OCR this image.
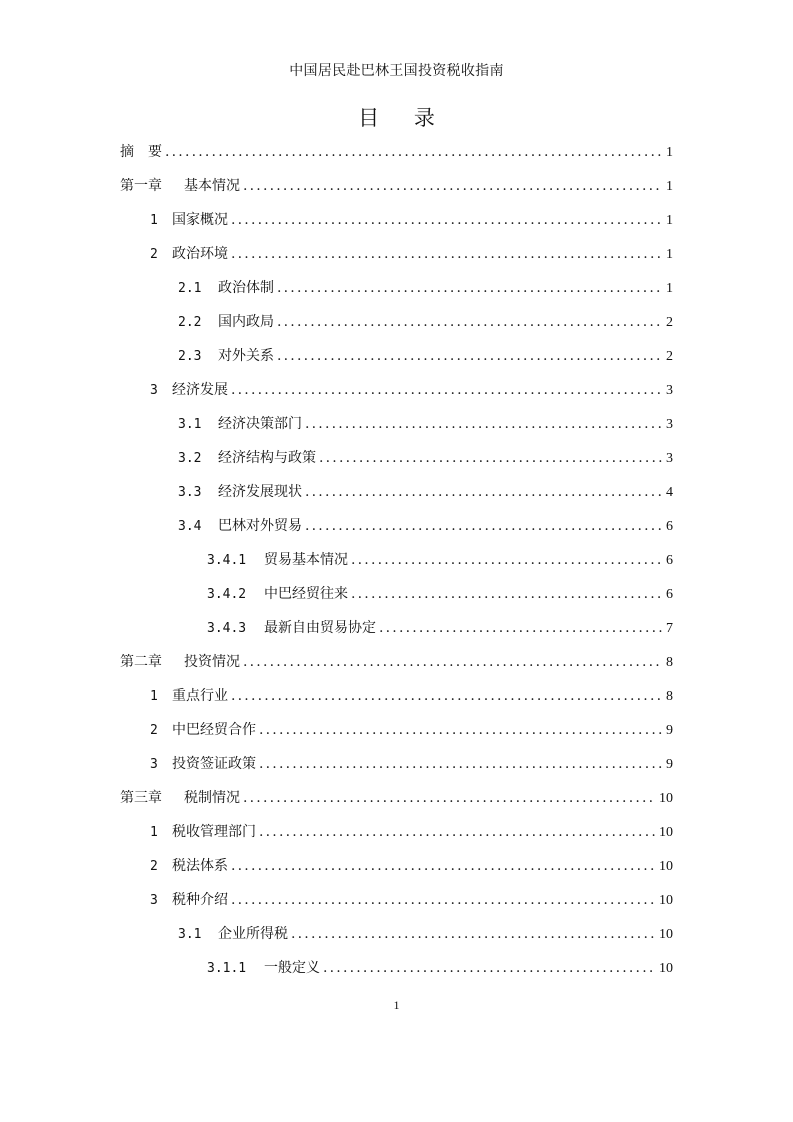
中国居民赴巴林王国投资税收指南
目 录
摘　要 .....	1
第一章	基本情况 .....	1
1	国家概况 .....	1
2	政治环境 .....	1
2.1	政治体制 .....	1
2.2	国内政局 .....	2
2.3	对外关系 .....	2
3	经济发展 .....	3
3.1	经济决策部门 .....	3
3.2	经济结构与政策 .....	3
3.3	经济发展现状 .....	4
3.4	巴林对外贸易 .....	6
3.4.1	贸易基本情况 .....	6
3.4.2	中巴经贸往来 .....	6
3.4.3	最新自由贸易协定 .....	7
第二章	投资情况 .....	8
1	重点行业 .....	8
2	中巴经贸合作 .....	9
3	投资签证政策 .....	9
第三章	税制情况 .....	10
1	税收管理部门 .....	10
2	税法体系 .....	10
3	税种介绍 .....	10
3.1	企业所得税 .....	10
3.1.1	一般定义 .....	10
1
